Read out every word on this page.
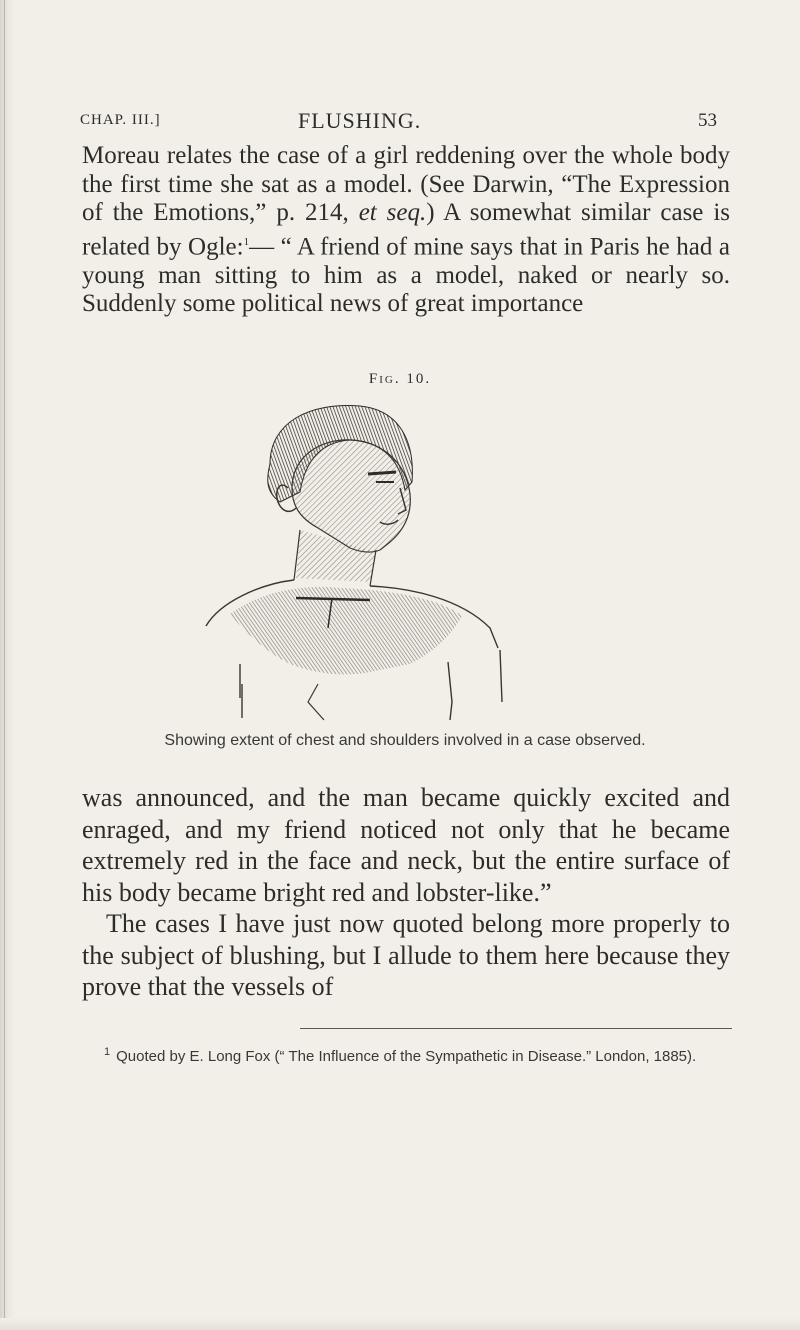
CHAP. III.]	FLUSHING.	53

Moreau relates the case of a girl reddening over the whole body the first time she sat as a model. (See Darwin, “The Expression of the Emotions,” p. 214, et seq.) A somewhat similar case is related by Ogle:$^1$— “ A friend of mine says that in Paris he had a young man sitting to him as a model, naked or nearly so. Suddenly some political news of great importance

Fig. 10.
Showing extent of chest and shoulders involved in a case observed.

was announced, and the man became quickly excited and enraged, and my friend noticed not only that he became extremely red in the face and neck, but the entire surface of his body became bright red and lobster-like.”

The cases I have just now quoted belong more properly to the subject of blushing, but I allude to them here because they prove that the vessels of

$^1$ Quoted by E. Long Fox (“ The Influence of the Sympathetic in Disease.” London, 1885).
